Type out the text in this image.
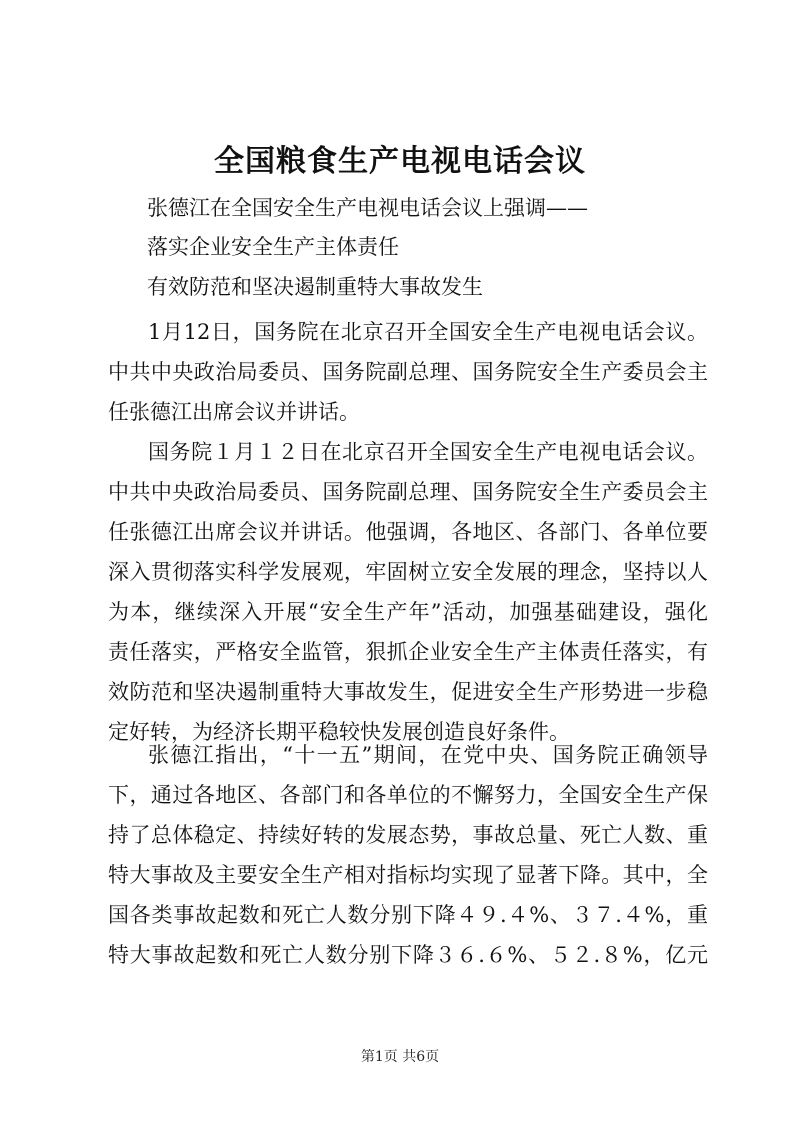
全国粮食生产电视电话会议

张德江在全国安全生产电视电话会议上强调——

落实企业安全生产主体责任

有效防范和坚决遏制重特大事故发生

1月12日，国务院在北京召开全国安全生产电视电话会议。
中共中央政治局委员、国务院副总理、国务院安全生产委员会主
任张德江出席会议并讲话。
国务院１月１２日在北京召开全国安全生产电视电话会议。
中共中央政治局委员、国务院副总理、国务院安全生产委员会主
任张德江出席会议并讲话。他强调，各地区、各部门、各单位要
深入贯彻落实科学发展观，牢固树立安全发展的理念，坚持以人
为本，继续深入开展“安全生产年”活动，加强基础建设，强化
责任落实，严格安全监管，狠抓企业安全生产主体责任落实，有
效防范和坚决遏制重特大事故发生，促进安全生产形势进一步稳
定好转，为经济长期平稳较快发展创造良好条件。
张德江指出，“十一五”期间，在党中央、国务院正确领导
下，通过各地区、各部门和各单位的不懈努力，全国安全生产保
持了总体稳定、持续好转的发展态势，事故总量、死亡人数、重
特大事故及主要安全生产相对指标均实现了显著下降。其中，全
国各类事故起数和死亡人数分别下降４９.４%、３７.４%，重
特大事故起数和死亡人数分别下降３６.６%、５２.８%，亿元
第1页 共6页
